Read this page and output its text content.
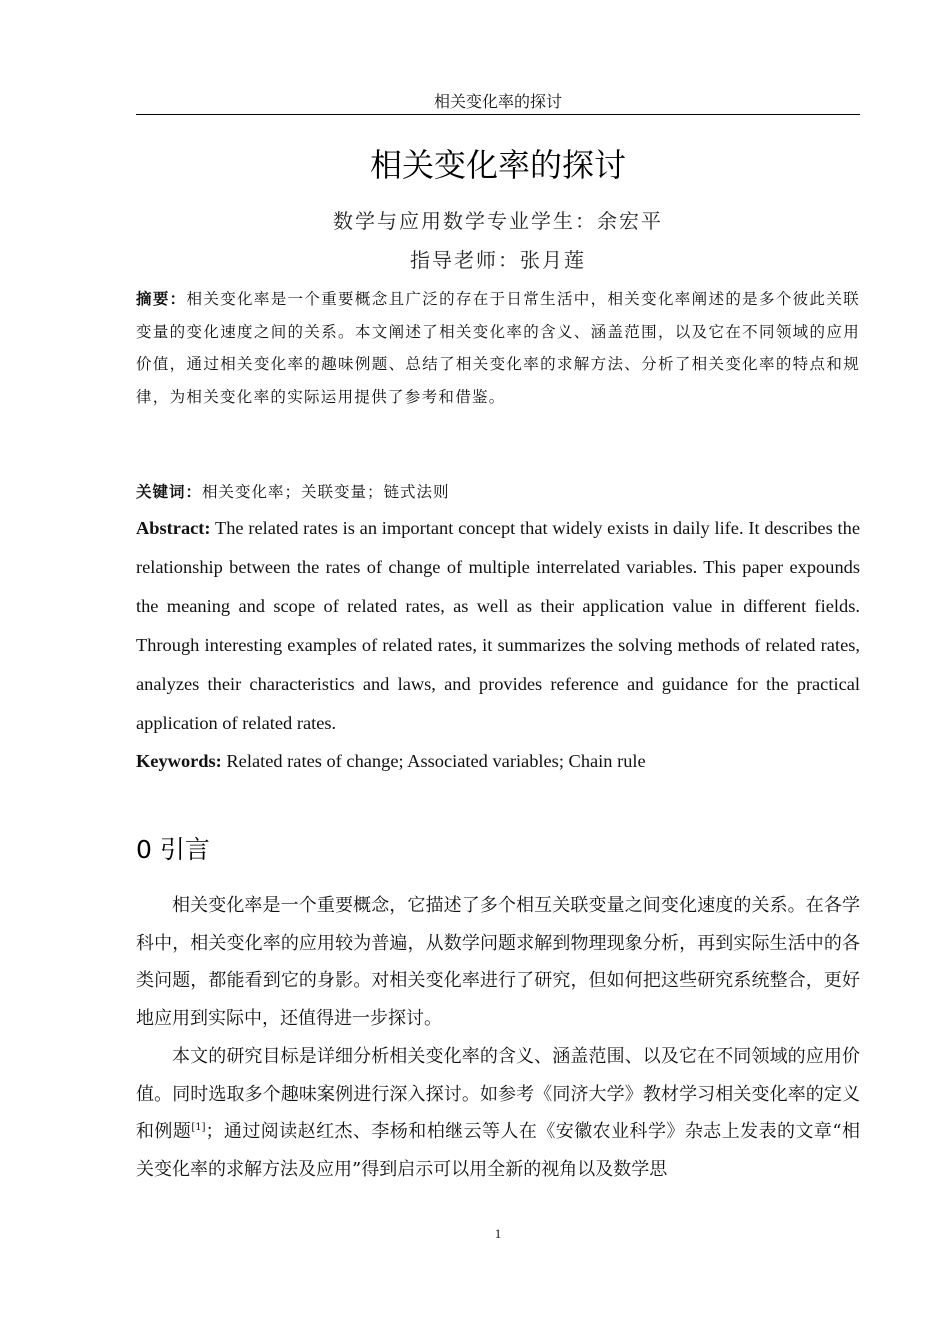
相关变化率的探讨
相关变化率的探讨
数学与应用数学专业学生：余宏平
指导老师：张月莲
摘要：相关变化率是一个重要概念且广泛的存在于日常生活中，相关变化率阐述的是多个彼此关联变量的变化速度之间的关系。本文阐述了相关变化率的含义、涵盖范围，以及它在不同领域的应用价值，通过相关变化率的趣味例题、总结了相关变化率的求解方法、分析了相关变化率的特点和规律，为相关变化率的实际运用提供了参考和借鉴。
关键词：相关变化率；关联变量；链式法则
Abstract: The related rates is an important concept that widely exists in daily life. It describes the relationship between the rates of change of multiple interrelated variables. This paper expounds the meaning and scope of related rates, as well as their application value in different fields. Through interesting examples of related rates, it summarizes the solving methods of related rates, analyzes their characteristics and laws, and provides reference and guidance for the practical application of related rates.
Keywords: Related rates of change; Associated variables; Chain rule
0 引言

相关变化率是一个重要概念，它描述了多个相互关联变量之间变化速度的关系。在各学科中，相关变化率的应用较为普遍，从数学问题求解到物理现象分析，再到实际生活中的各类问题，都能看到它的身影。对相关变化率进行了研究，但如何把这些研究系统整合，更好地应用到实际中，还值得进一步探讨。

本文的研究目标是详细分析相关变化率的含义、涵盖范围、以及它在不同领域的应用价值。同时选取多个趣味案例进行深入探讨。如参考《同济大学》教材学习相关变化率的定义和例题[1]；通过阅读赵红杰、李杨和柏继云等人在《安徽农业科学》杂志上发表的文章“相关变化率的求解方法及应用”得到启示可以用全新的视角以及数学思

1
